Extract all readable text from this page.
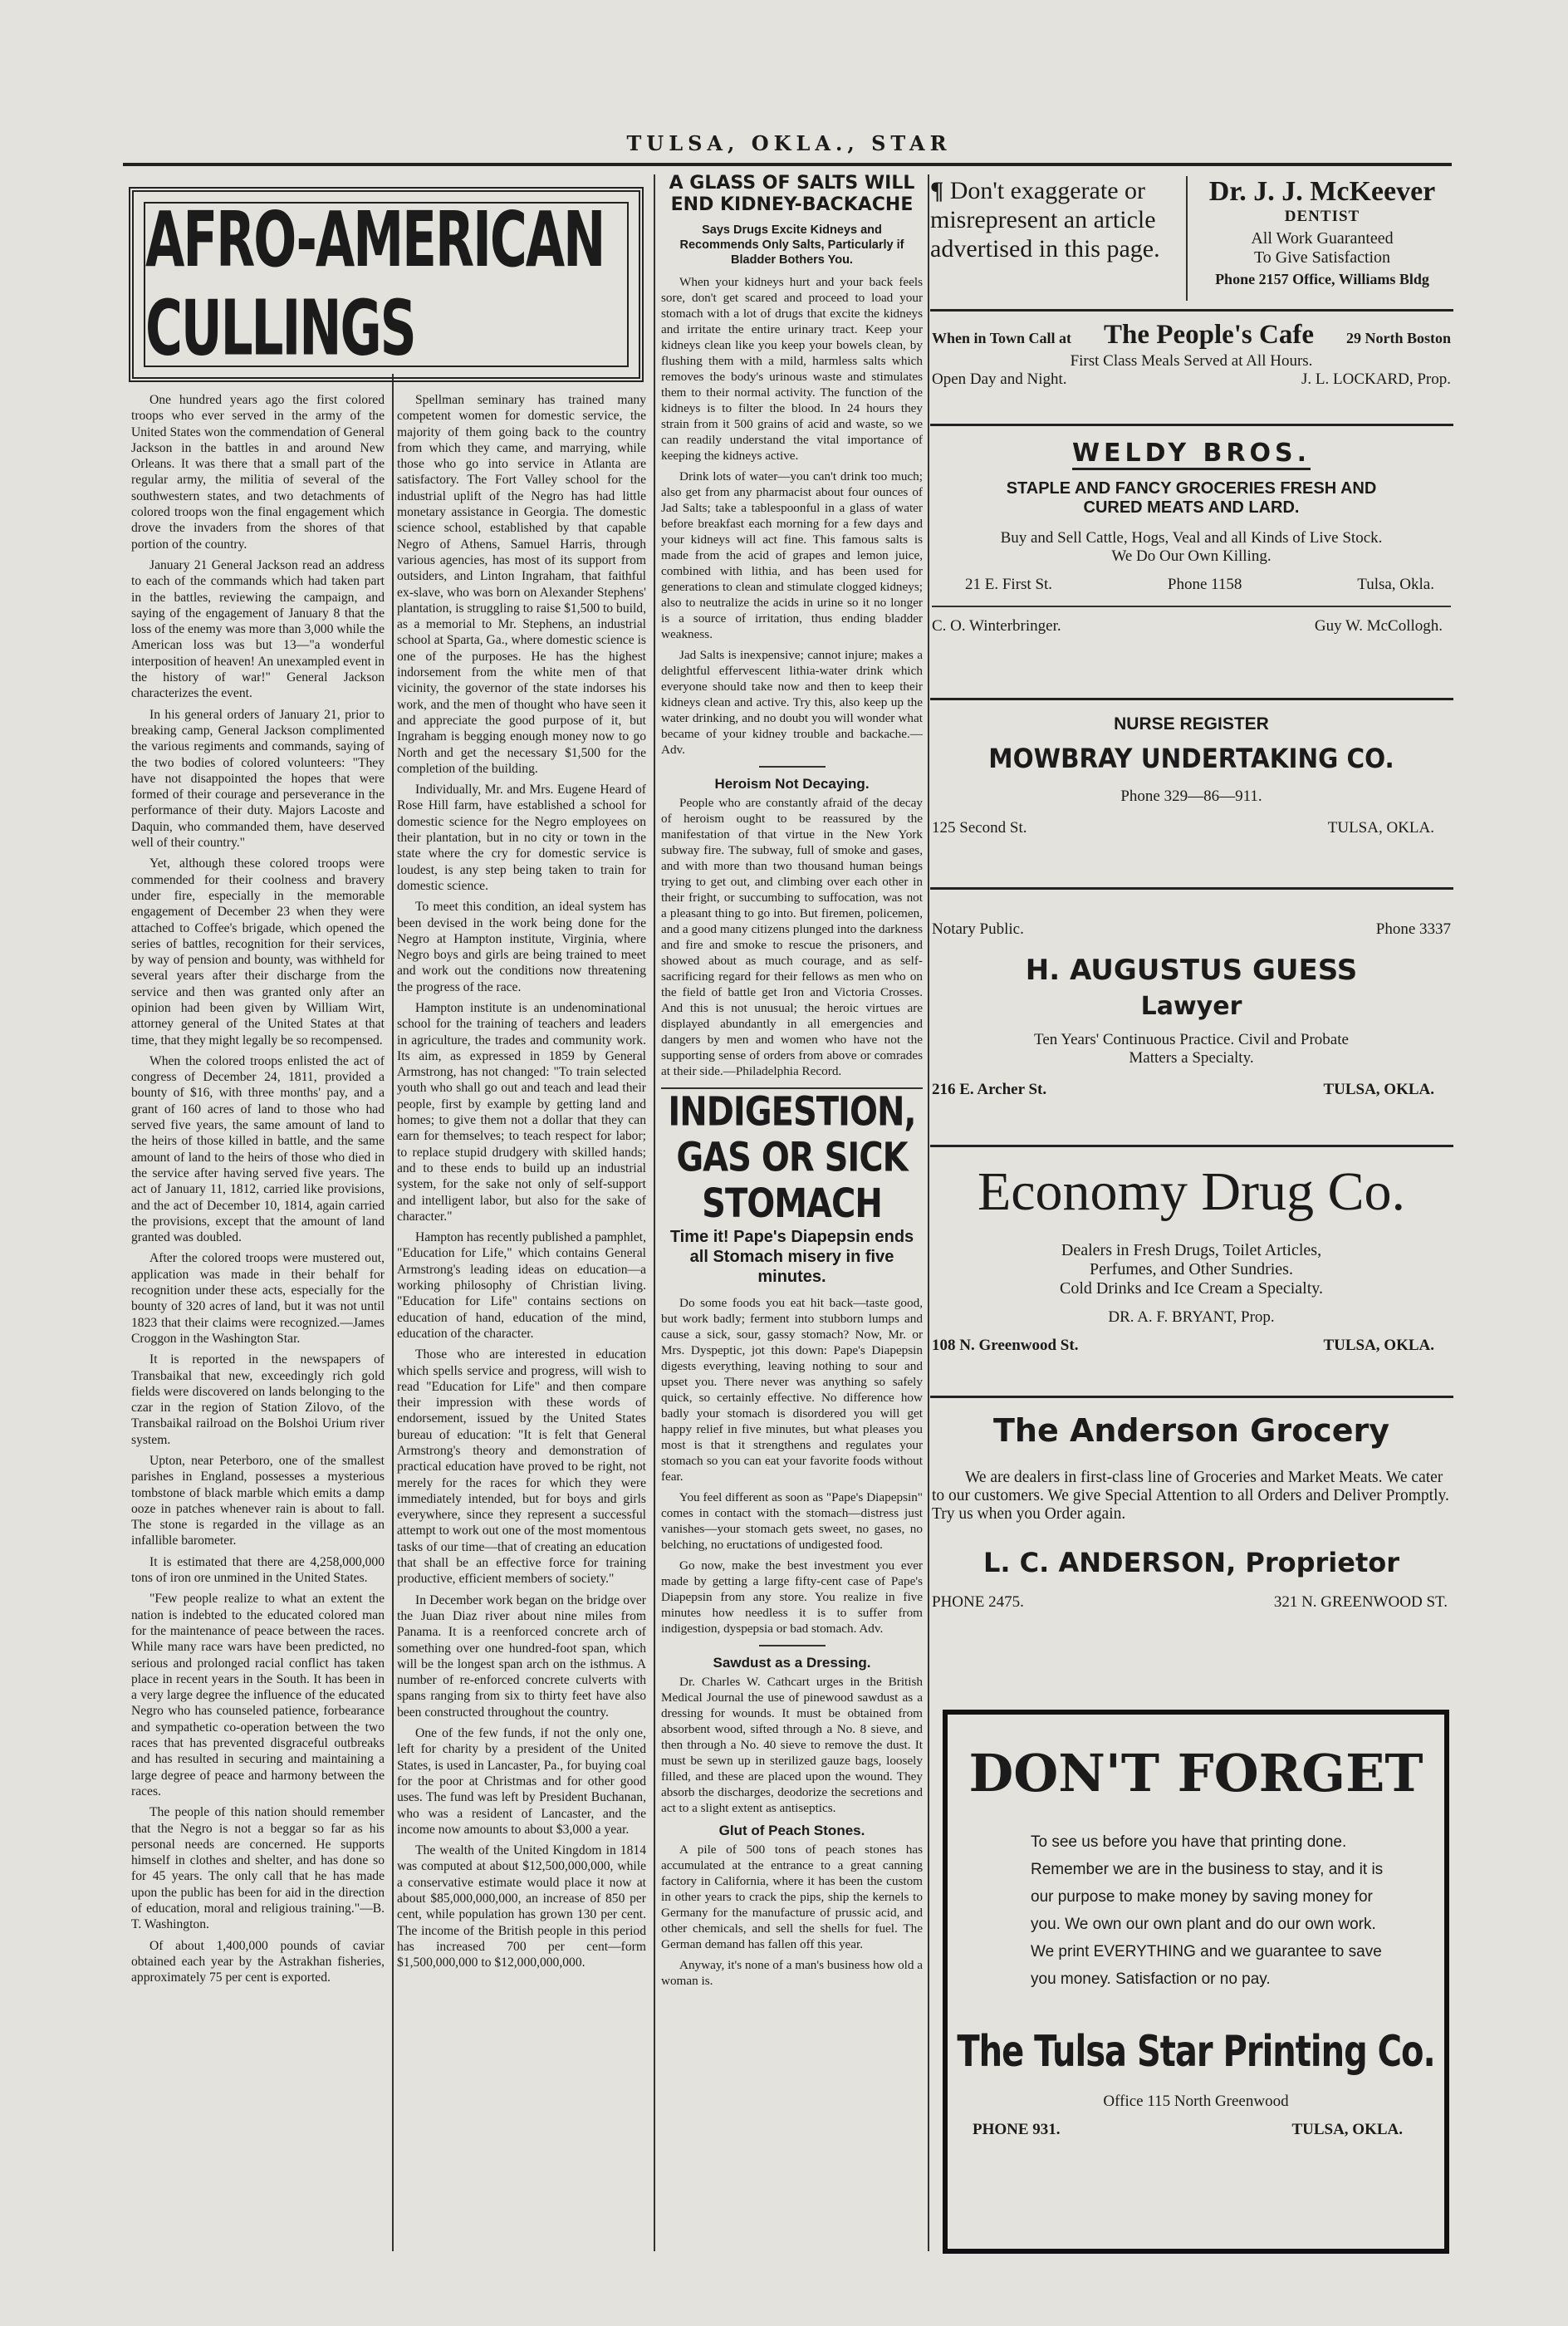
TULSA, OKLA., STAR
AFRO-AMERICAN CULLINGS

One hundred years ago the first colored troops who ever served in the army of the United States won the commendation of General Jackson in the battles in and around New Orleans. It was there that a small part of the regular army, the militia of several of the southwestern states, and two detachments of colored troops won the final engagement which drove the invaders from the shores of that portion of the country.

January 21 General Jackson read an address to each of the commands which had taken part in the battles, reviewing the campaign, and saying of the engagement of January 8 that the loss of the enemy was more than 3,000 while the American loss was but 13—"a wonderful interposition of heaven! An unexampled event in the history of war!" General Jackson characterizes the event.

In his general orders of January 21, prior to breaking camp, General Jackson complimented the various regiments and commands, saying of the two bodies of colored volunteers: "They have not disappointed the hopes that were formed of their courage and perseverance in the performance of their duty. Majors Lacoste and Daquin, who commanded them, have deserved well of their country."

Yet, although these colored troops were commended for their coolness and bravery under fire, especially in the memorable engagement of December 23 when they were attached to Coffee's brigade, which opened the series of battles, recognition for their services, by way of pension and bounty, was withheld for several years after their discharge from the service and then was granted only after an opinion had been given by William Wirt, attorney general of the United States at that time, that they might legally be so recompensed.

When the colored troops enlisted the act of congress of December 24, 1811, provided a bounty of $16, with three months' pay, and a grant of 160 acres of land to those who had served five years, the same amount of land to the heirs of those killed in battle, and the same amount of land to the heirs of those who died in the service after having served five years. The act of January 11, 1812, carried like provisions, and the act of December 10, 1814, again carried the provisions, except that the amount of land granted was doubled.

After the colored troops were mustered out, application was made in their behalf for recognition under these acts, especially for the bounty of 320 acres of land, but it was not until 1823 that their claims were recognized.—James Croggon in the Washington Star.

It is reported in the newspapers of Transbaikal that new, exceedingly rich gold fields were discovered on lands belonging to the czar in the region of Station Zilovo, of the Transbaikal railroad on the Bolshoi Urium river system.

Upton, near Peterboro, one of the smallest parishes in England, possesses a mysterious tombstone of black marble which emits a damp ooze in patches whenever rain is about to fall. The stone is regarded in the village as an infallible barometer.

It is estimated that there are 4,258,000,000 tons of iron ore unmined in the United States.

"Few people realize to what an extent the nation is indebted to the educated colored man for the maintenance of peace between the races. While many race wars have been predicted, no serious and prolonged racial conflict has taken place in recent years in the South. It has been in a very large degree the influence of the educated Negro who has counseled patience, forbearance and sympathetic co-operation between the two races that has prevented disgraceful outbreaks and has resulted in securing and maintaining a large degree of peace and harmony between the races.

The people of this nation should remember that the Negro is not a beggar so far as his personal needs are concerned. He supports himself in clothes and shelter, and has done so for 45 years. The only call that he has made upon the public has been for aid in the direction of education, moral and religious training."—B. T. Washington.

Of about 1,400,000 pounds of caviar obtained each year by the Astrakhan fisheries, approximately 75 per cent is exported.

Spellman seminary has trained many competent women for domestic service, the majority of them going back to the country from which they came, and marrying, while those who go into service in Atlanta are satisfactory. The Fort Valley school for the industrial uplift of the Negro has had little monetary assistance in Georgia. The domestic science school, established by that capable Negro of Athens, Samuel Harris, through various agencies, has most of its support from outsiders, and Linton Ingraham, that faithful ex-slave, who was born on Alexander Stephens' plantation, is struggling to raise $1,500 to build, as a memorial to Mr. Stephens, an industrial school at Sparta, Ga., where domestic science is one of the purposes. He has the highest indorsement from the white men of that vicinity, the governor of the state indorses his work, and the men of thought who have seen it and appreciate the good purpose of it, but Ingraham is begging enough money now to go North and get the necessary $1,500 for the completion of the building.

Individually, Mr. and Mrs. Eugene Heard of Rose Hill farm, have established a school for domestic science for the Negro employees on their plantation, but in no city or town in the state where the cry for domestic service is loudest, is any step being taken to train for domestic science.

To meet this condition, an ideal system has been devised in the work being done for the Negro at Hampton institute, Virginia, where Negro boys and girls are being trained to meet and work out the conditions now threatening the progress of the race.

Hampton institute is an undenominational school for the training of teachers and leaders in agriculture, the trades and community work. Its aim, as expressed in 1859 by General Armstrong, has not changed: "To train selected youth who shall go out and teach and lead their people, first by example by getting land and homes; to give them not a dollar that they can earn for themselves; to teach respect for labor; to replace stupid drudgery with skilled hands; and to these ends to build up an industrial system, for the sake not only of self-support and intelligent labor, but also for the sake of character."

Hampton has recently published a pamphlet, "Education for Life," which contains General Armstrong's leading ideas on education—a working philosophy of Christian living. "Education for Life" contains sections on education of hand, education of the mind, education of the character.

Those who are interested in education which spells service and progress, will wish to read "Education for Life" and then compare their impression with these words of endorsement, issued by the United States bureau of education: "It is felt that General Armstrong's theory and demonstration of practical education have proved to be right, not merely for the races for which they were immediately intended, but for boys and girls everywhere, since they represent a successful attempt to work out one of the most momentous tasks of our time—that of creating an education that shall be an effective force for training productive, efficient members of society."

In December work began on the bridge over the Juan Diaz river about nine miles from Panama. It is a reenforced concrete arch of something over one hundred-foot span, which will be the longest span arch on the isthmus. A number of re-enforced concrete culverts with spans ranging from six to thirty feet have also been constructed throughout the country.

One of the few funds, if not the only one, left for charity by a president of the United States, is used in Lancaster, Pa., for buying coal for the poor at Christmas and for other good uses. The fund was left by President Buchanan, who was a resident of Lancaster, and the income now amounts to about $3,000 a year.

The wealth of the United Kingdom in 1814 was computed at about $12,500,000,000, while a conservative estimate would place it now at about $85,000,000,000, an increase of 850 per cent, while population has grown 130 per cent. The income of the British people in this period has increased 700 per cent—form $1,500,000,000 to $12,000,000,000.

A GLASS OF SALTS WILL END KIDNEY-BACKACHE
Says Drugs Excite Kidneys and Recommends Only Salts, Particularly if Bladder Bothers You.

When your kidneys hurt and your back feels sore, don't get scared and proceed to load your stomach with a lot of drugs that excite the kidneys and irritate the entire urinary tract. Keep your kidneys clean like you keep your bowels clean, by flushing them with a mild, harmless salts which removes the body's urinous waste and stimulates them to their normal activity. The function of the kidneys is to filter the blood. In 24 hours they strain from it 500 grains of acid and waste, so we can readily understand the vital importance of keeping the kidneys active.

Drink lots of water—you can't drink too much; also get from any pharmacist about four ounces of Jad Salts; take a tablespoonful in a glass of water before breakfast each morning for a few days and your kidneys will act fine. This famous salts is made from the acid of grapes and lemon juice, combined with lithia, and has been used for generations to clean and stimulate clogged kidneys; also to neutralize the acids in urine so it no longer is a source of irritation, thus ending bladder weakness.

Jad Salts is inexpensive; cannot injure; makes a delightful effervescent lithia-water drink which everyone should take now and then to keep their kidneys clean and active. Try this, also keep up the water drinking, and no doubt you will wonder what became of your kidney trouble and backache.—Adv.

Heroism Not Decaying.

People who are constantly afraid of the decay of heroism ought to be reassured by the manifestation of that virtue in the New York subway fire. The subway, full of smoke and gases, and with more than two thousand human beings trying to get out, and climbing over each other in their fright, or succumbing to suffocation, was not a pleasant thing to go into. But firemen, policemen, and a good many citizens plunged into the darkness and fire and smoke to rescue the prisoners, and showed about as much courage, and as self-sacrificing regard for their fellows as men who on the field of battle get Iron and Victoria Crosses. And this is not unusual; the heroic virtues are displayed abundantly in all emergencies and dangers by men and women who have not the supporting sense of orders from above or comrades at their side.—Philadelphia Record.

INDIGESTION, GAS OR SICK STOMACH
Time it! Pape's Diapepsin ends all Stomach misery in five minutes.

Do some foods you eat hit back—taste good, but work badly; ferment into stubborn lumps and cause a sick, sour, gassy stomach? Now, Mr. or Mrs. Dyspeptic, jot this down: Pape's Diapepsin digests everything, leaving nothing to sour and upset you. There never was anything so safely quick, so certainly effective. No difference how badly your stomach is disordered you will get happy relief in five minutes, but what pleases you most is that it strengthens and regulates your stomach so you can eat your favorite foods without fear.

You feel different as soon as "Pape's Diapepsin" comes in contact with the stomach—distress just vanishes—your stomach gets sweet, no gases, no belching, no eructations of undigested food.

Go now, make the best investment you ever made by getting a large fifty-cent case of Pape's Diapepsin from any store. You realize in five minutes how needless it is to suffer from indigestion, dyspepsia or bad stomach. Adv.

Sawdust as a Dressing.

Dr. Charles W. Cathcart urges in the British Medical Journal the use of pinewood sawdust as a dressing for wounds. It must be obtained from absorbent wood, sifted through a No. 8 sieve, and then through a No. 40 sieve to remove the dust. It must be sewn up in sterilized gauze bags, loosely filled, and these are placed upon the wound. They absorb the discharges, deodorize the secretions and act to a slight extent as antiseptics.

Glut of Peach Stones.

A pile of 500 tons of peach stones has accumulated at the entrance to a great canning factory in California, where it has been the custom in other years to crack the pips, ship the kernels to Germany for the manufacture of prussic acid, and other chemicals, and sell the shells for fuel. The German demand has fallen off this year.

Anyway, it's none of a man's business how old a woman is.

¶ Don't exaggerate or misrepresent an article advertised in this page.
Dr. J. J. McKeever
DENTIST
All Work Guaranteed
To Give Satisfaction
Phone 2157 Office, Williams Bldg
When in Town Call at The People's Cafe 29 North Boston
First Class Meals Served at All Hours.
Open Day and Night.	J. L. LOCKARD, Prop.
WELDY BROS.
STAPLE AND FANCY GROCERIES FRESH AND
CURED MEATS AND LARD.
Buy and Sell Cattle, Hogs, Veal and all Kinds of Live Stock.
We Do Our Own Killing.
21 E. First St.	Phone 1158	Tulsa, Okla.
C. O. Winterbringer.	Guy W. McCollogh.
NURSE REGISTER
MOWBRAY UNDERTAKING CO.
Phone 329—86—911.
125 Second St.	TULSA, OKLA.
Notary Public.	Phone 3337
H. AUGUSTUS GUESS
Lawyer
Ten Years' Continuous Practice. Civil and Probate
Matters a Specialty.
216 E. Archer St.	TULSA, OKLA.
Economy Drug Co.
Dealers in Fresh Drugs, Toilet Articles,
Perfumes, and Other Sundries.
Cold Drinks and Ice Cream a Specialty.
DR. A. F. BRYANT, Prop.
108 N. Greenwood St.	TULSA, OKLA.
The Anderson Grocery
We are dealers in first-class line of Groceries and Market Meats. We cater to our customers. We give Special Attention to all Orders and Deliver Promptly. Try us when you Order again.
L. C. ANDERSON, Proprietor
PHONE 2475.	321 N. GREENWOOD ST.
DON'T FORGET
To see us before you have that printing done. Remember we are in the business to stay, and it is our purpose to make money by saving money for you. We own our own plant and do our own work. We print EVERYTHING and we guarantee to save you money. Satisfaction or no pay.
The Tulsa Star Printing Co.
Office 115 North Greenwood
PHONE 931.	TULSA, OKLA.
